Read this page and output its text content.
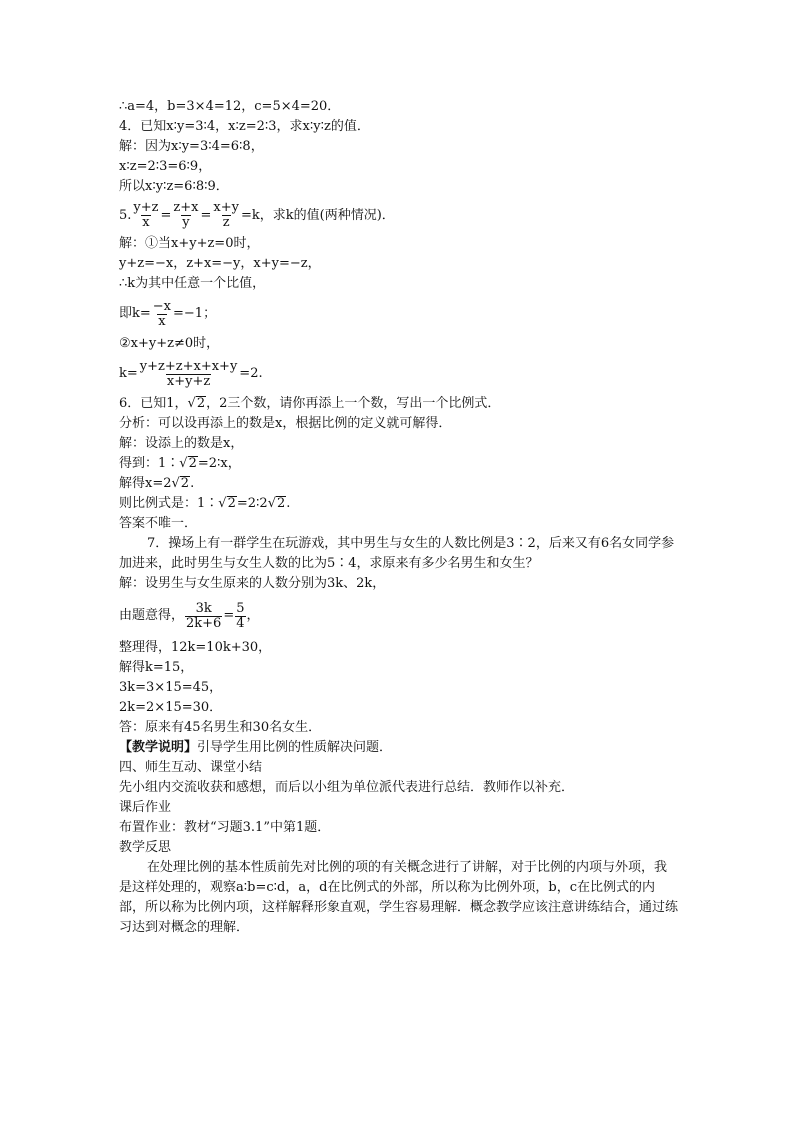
∴a=4，b=3×4=12，c=5×4=20．
4．已知x∶y=3∶4，x∶z=2∶3，求x∶y∶z的值．
解：因为x∶y=3∶4=6∶8，
x∶z=2∶3=6∶9，
所以x∶y∶z=6∶8∶9．
5. $\frac{y+z}{x} = \frac{z+x}{y} = \frac{x+y}{z} =k$，求k的值(两种情况)．
解：①当x+y+z=0时，
y+z=−x，z+x=−y，x+y=−z，
∴k为其中任意一个比值，
即$k= \frac{-x}{x} =-1$；
②x+y+z≠0时，
$k= \frac{y+z+z+x+x+y}{x+y+z} =2$.
6．已知1，√2，2三个数，请你再添上一个数，写出一个比例式．
分析：可以设再添上的数是x，根据比例的定义就可解得．
解：设添上的数是x，
得到：1∶√2=2∶x，
解得x=2√2.
则比例式是：1∶√2=2∶2√2.
答案不唯一．
7．操场上有一群学生在玩游戏，其中男生与女生的人数比例是3∶2，后来又有6名女同学参加进来，此时男生与女生人数的比为5∶4，求原来有多少名男生和女生？
解：设男生与女生原来的人数分别为3k、2k，
由题意得， $\frac{3k}{2k+6} = \frac{5}{4}$ ，
整理得，12k=10k+30，
解得k=15，
3k=3×15=45，
2k=2×15=30．
答：原来有45名男生和30名女生．
【教学说明】引导学生用比例的性质解决问题．
四、师生互动、课堂小结
先小组内交流收获和感想，而后以小组为单位派代表进行总结．教师作以补充．
课后作业
布置作业：教材“习题3.1”中第1题．
教学反思
在处理比例的基本性质前先对比例的项的有关概念进行了讲解，对于比例的内项与外项，我是这样处理的，观察a∶b=c∶d，a，d在比例式的外部，所以称为比例外项，b，c在比例式的内部，所以称为比例内项，这样解释形象直观，学生容易理解．概念教学应该注意讲练结合，通过练习达到对概念的理解．
